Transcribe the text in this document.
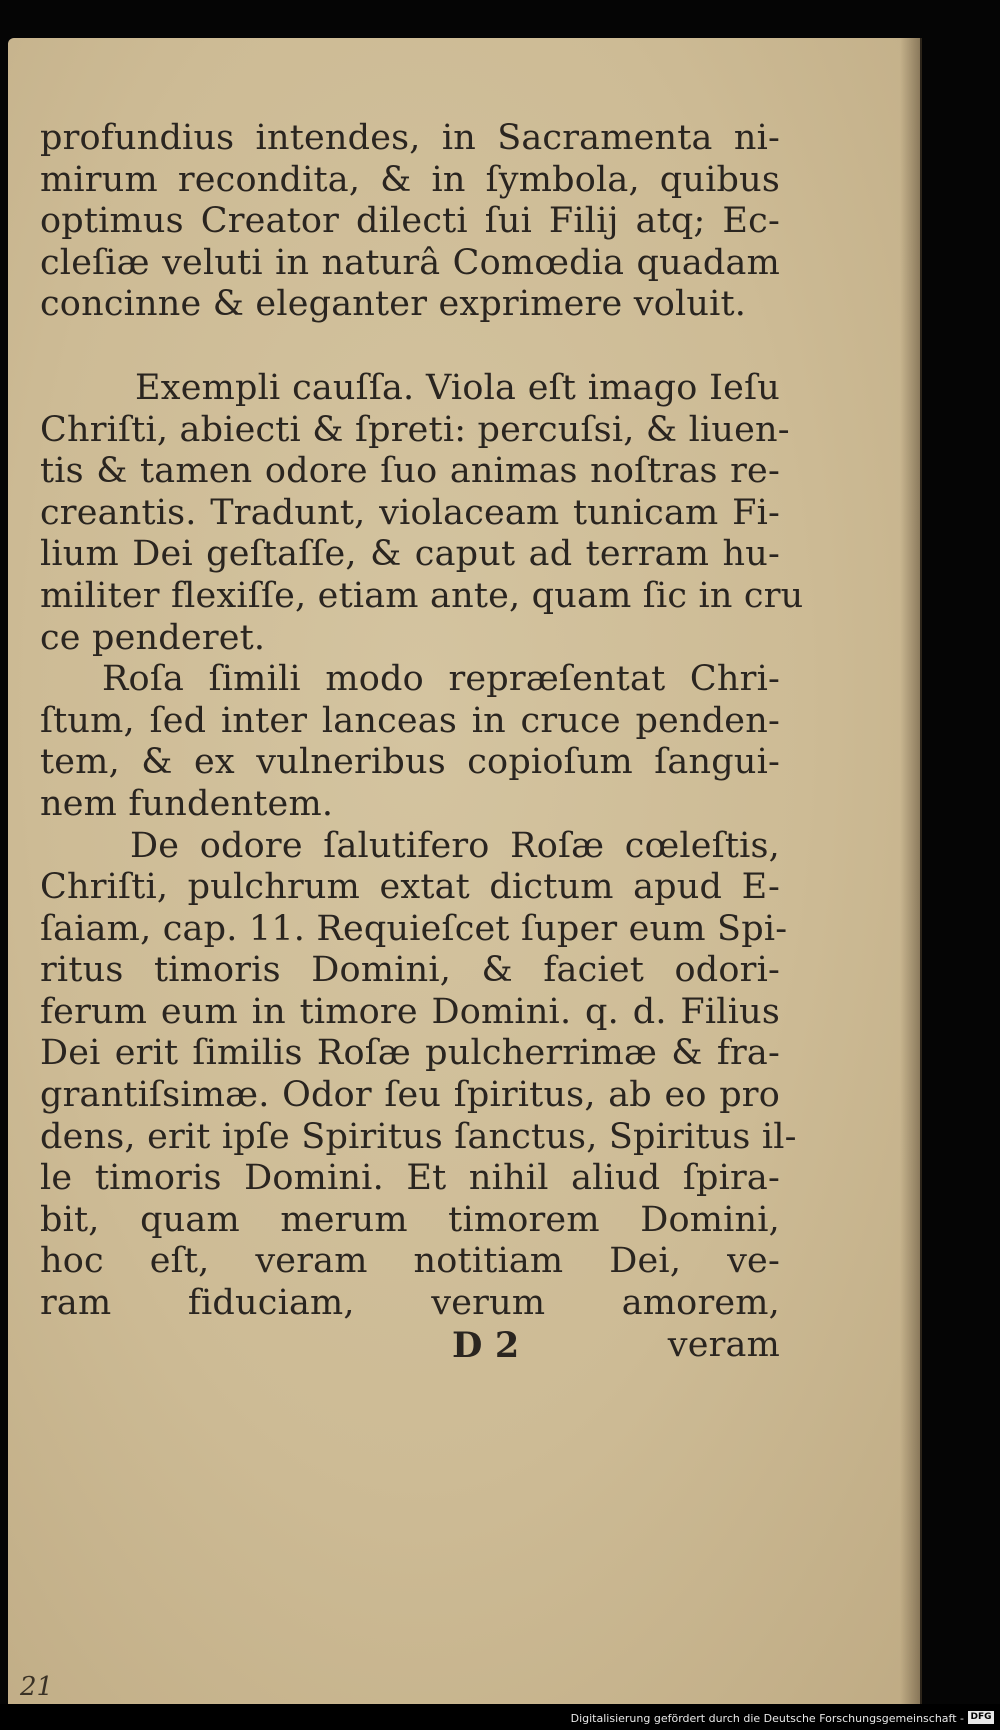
profundius intendes, in Sacramenta ni-
mirum recondita, & in ſymbola, quibus
optimus Creator dilecti ſui Filij atq; Ec-
cleſiæ veluti in naturâ Comœdia quadam
concinne & eleganter exprimere voluit.
Exempli cauſſa. Viola eſt imago Ieſu
Chriſti, abiecti & ſpreti: percuſsi, & liuen-
tis & tamen odore ſuo animas noſtras re-
creantis. Tradunt, violaceam tunicam Fi-
lium Dei geſtaſſe, & caput ad terram hu-
militer flexiſſe, etiam ante, quam ſic in cru
ce penderet.
Roſa ſimili modo repræſentat Chri-
ſtum, ſed inter lanceas in cruce penden-
tem, & ex vulneribus copioſum ſangui-
nem fundentem.
De odore ſalutifero Roſæ cœleſtis,
Chriſti, pulchrum extat dictum apud E-
ſaiam, cap. 11. Requieſcet ſuper eum Spi-
ritus timoris Domini, & faciet odori-
ferum eum in timore Domini. q. d. Filius
Dei erit ſimilis Roſæ pulcherrimæ & fra-
grantiſsimæ. Odor ſeu ſpiritus, ab eo pro
dens, erit ipſe Spiritus ſanctus, Spiritus il-
le timoris Domini. Et nihil aliud ſpira-
bit, quam merum timorem Domini,
hoc eſt, veram notitiam Dei, ve-
ram fiduciam, verum amorem,
D 2	veram
21
Digitalisierung gefördert durch die Deutsche Forschungsgemeinschaft - DFG
